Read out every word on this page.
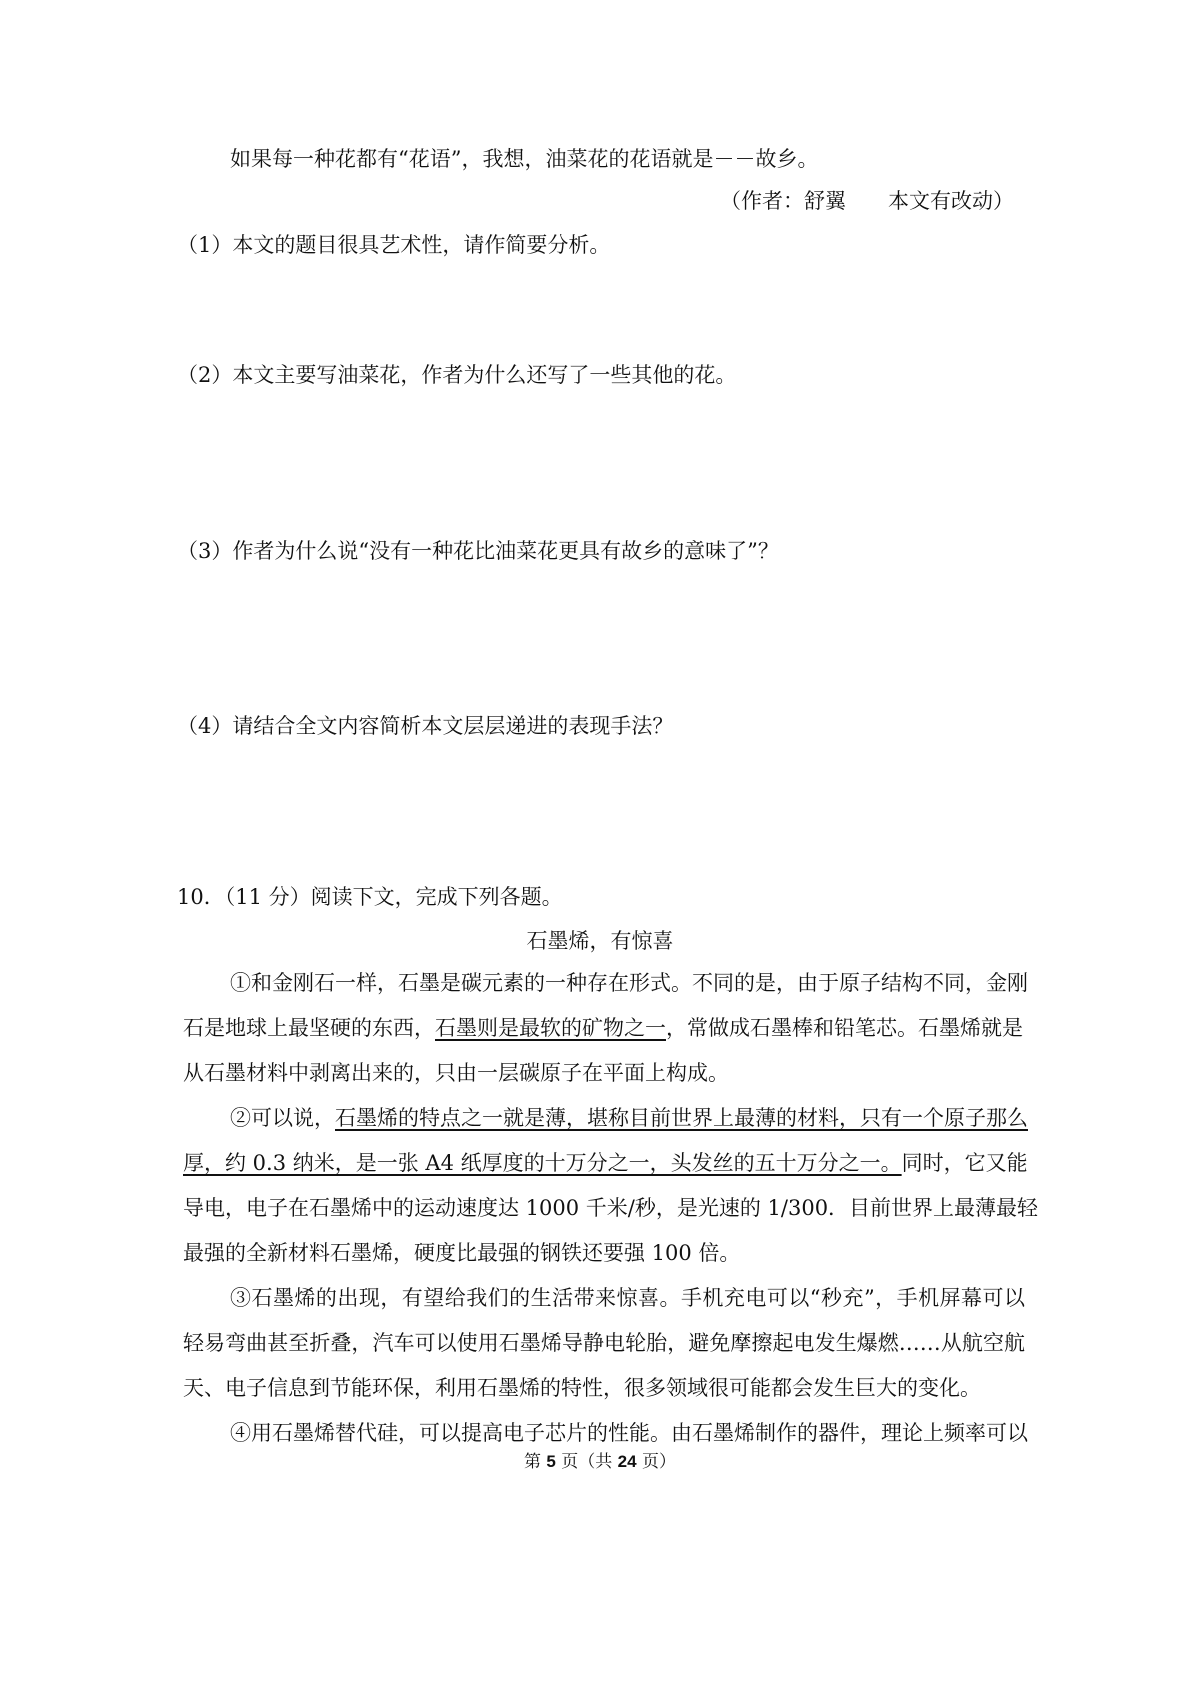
如果每一种花都有“花语”，我想，油菜花的花语就是－－故乡。
（作者：舒翼　　本文有改动）
（1）本文的题目很具艺术性，请作简要分析。
（2）本文主要写油菜花，作者为什么还写了一些其他的花。
（3）作者为什么说“没有一种花比油菜花更具有故乡的意味了”？
（4）请结合全文内容简析本文层层递进的表现手法？
10．（11 分）阅读下文，完成下列各题。
石墨烯，有惊喜
①和金刚石一样，石墨是碳元素的一种存在形式。不同的是，由于原子结构不同，金刚
石是地球上最坚硬的东西，石墨则是最软的矿物之一，常做成石墨棒和铅笔芯。石墨烯就是
从石墨材料中剥离出来的，只由一层碳原子在平面上构成。
②可以说，石墨烯的特点之一就是薄，堪称目前世界上最薄的材料，只有一个原子那么
厚，约 0.3 纳米，是一张 A4 纸厚度的十万分之一，头发丝的五十万分之一。同时，它又能
导电，电子在石墨烯中的运动速度达 1000 千米/秒，是光速的 1/300．目前世界上最薄最轻
最强的全新材料石墨烯，硬度比最强的钢铁还要强 100 倍。
③石墨烯的出现，有望给我们的生活带来惊喜。手机充电可以“秒充”，手机屏幕可以
轻易弯曲甚至折叠，汽车可以使用石墨烯导静电轮胎，避免摩擦起电发生爆燃……从航空航
天、电子信息到节能环保，利用石墨烯的特性，很多领域很可能都会发生巨大的变化。
④用石墨烯替代硅，可以提高电子芯片的性能。由石墨烯制作的器件，理论上频率可以
第 5 页（共 24 页）
